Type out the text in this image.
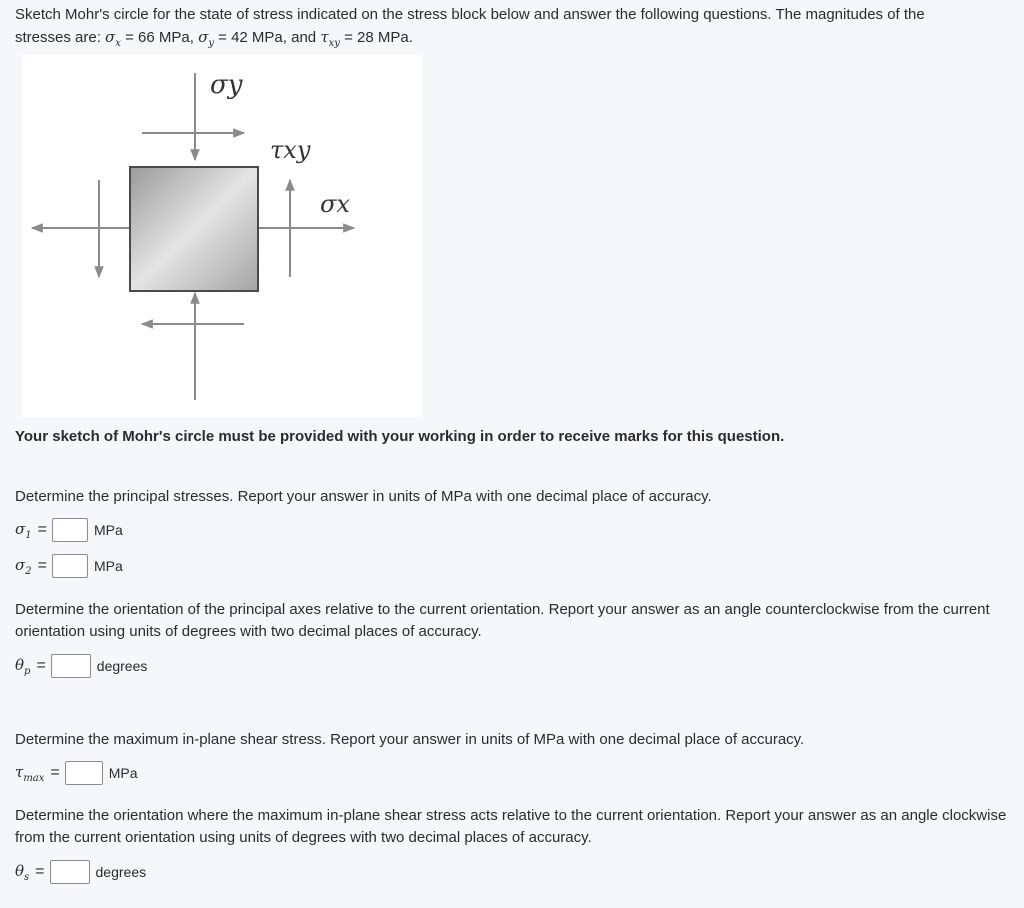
Sketch Mohr's circle for the state of stress indicated on the stress block below and answer the following questions. The magnitudes of the

stresses are: $\sigma_x = 66$ MPa, $\sigma_y = 42$ MPa, and $\tau_{xy} = 28$ MPa.

σy
τxy
σx
Your sketch of Mohr's circle must be provided with your working in order to receive marks for this question.

Determine the principal stresses. Report your answer in units of MPa with one decimal place of accuracy.

$\sigma_1$ =	MPa
$\sigma_2$ =	MPa

Determine the orientation of the principal axes relative to the current orientation. Report your answer as an angle counterclockwise from the current orientation using units of degrees with two decimal places of accuracy.

$\theta_p$ =	degrees

Determine the maximum in-plane shear stress. Report your answer in units of MPa with one decimal place of accuracy.

$\tau_{max}$ =	MPa

Determine the orientation where the maximum in-plane shear stress acts relative to the current orientation. Report your answer as an angle clockwise from the current orientation using units of degrees with two decimal places of accuracy.

$\theta_s$ =	degrees
